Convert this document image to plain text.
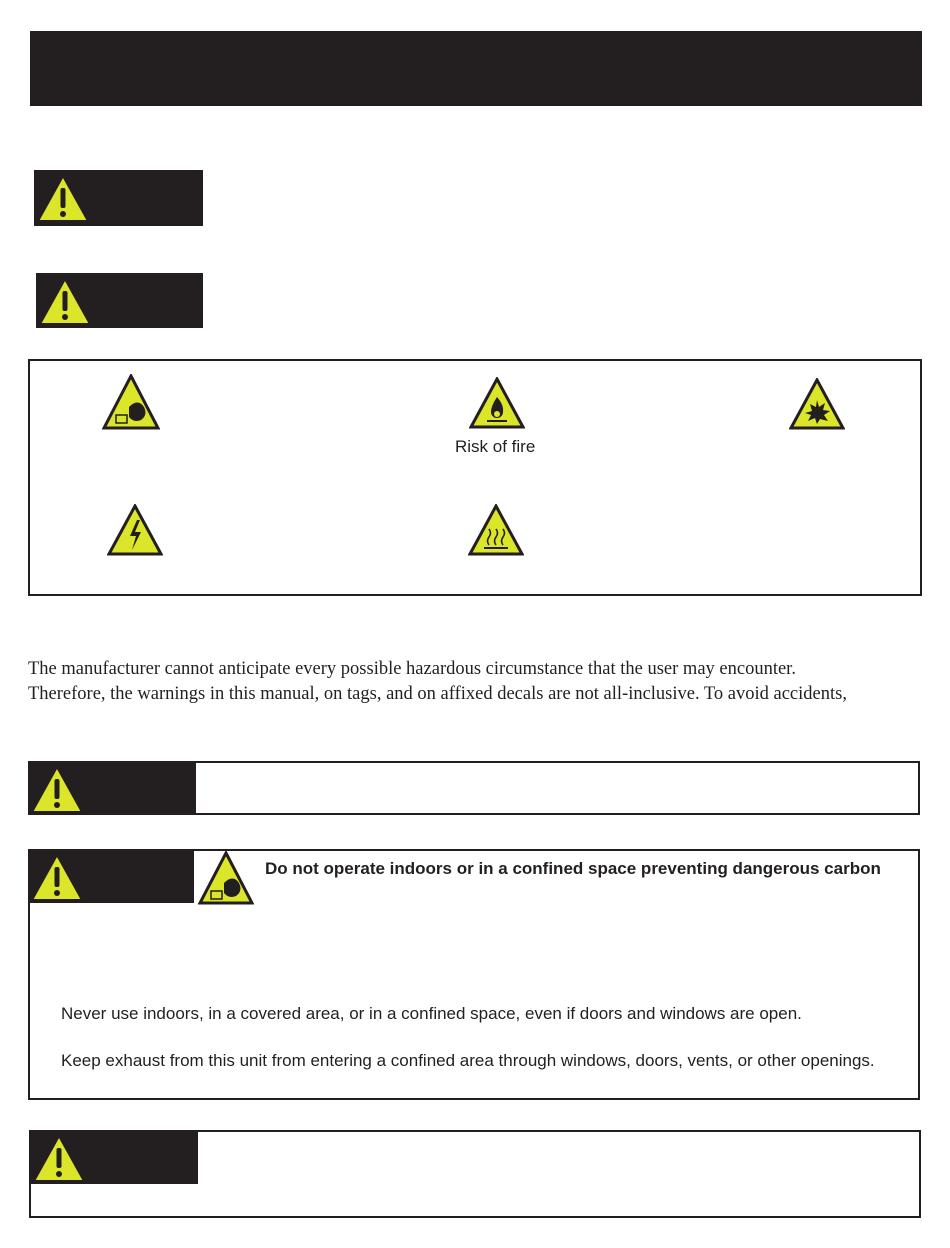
Risk of fire
The manufacturer cannot anticipate every possible hazardous circumstance that the user may encounter.
Therefore, the warnings in this manual, on tags, and on affixed decals are not all-inclusive. To avoid accidents,
Do not operate indoors or in a confined space preventing dangerous carbon
Never use indoors, in a covered area, or in a confined space, even if doors and windows are open.
Keep exhaust from this unit from entering a confined area through windows, doors, vents, or other openings.
